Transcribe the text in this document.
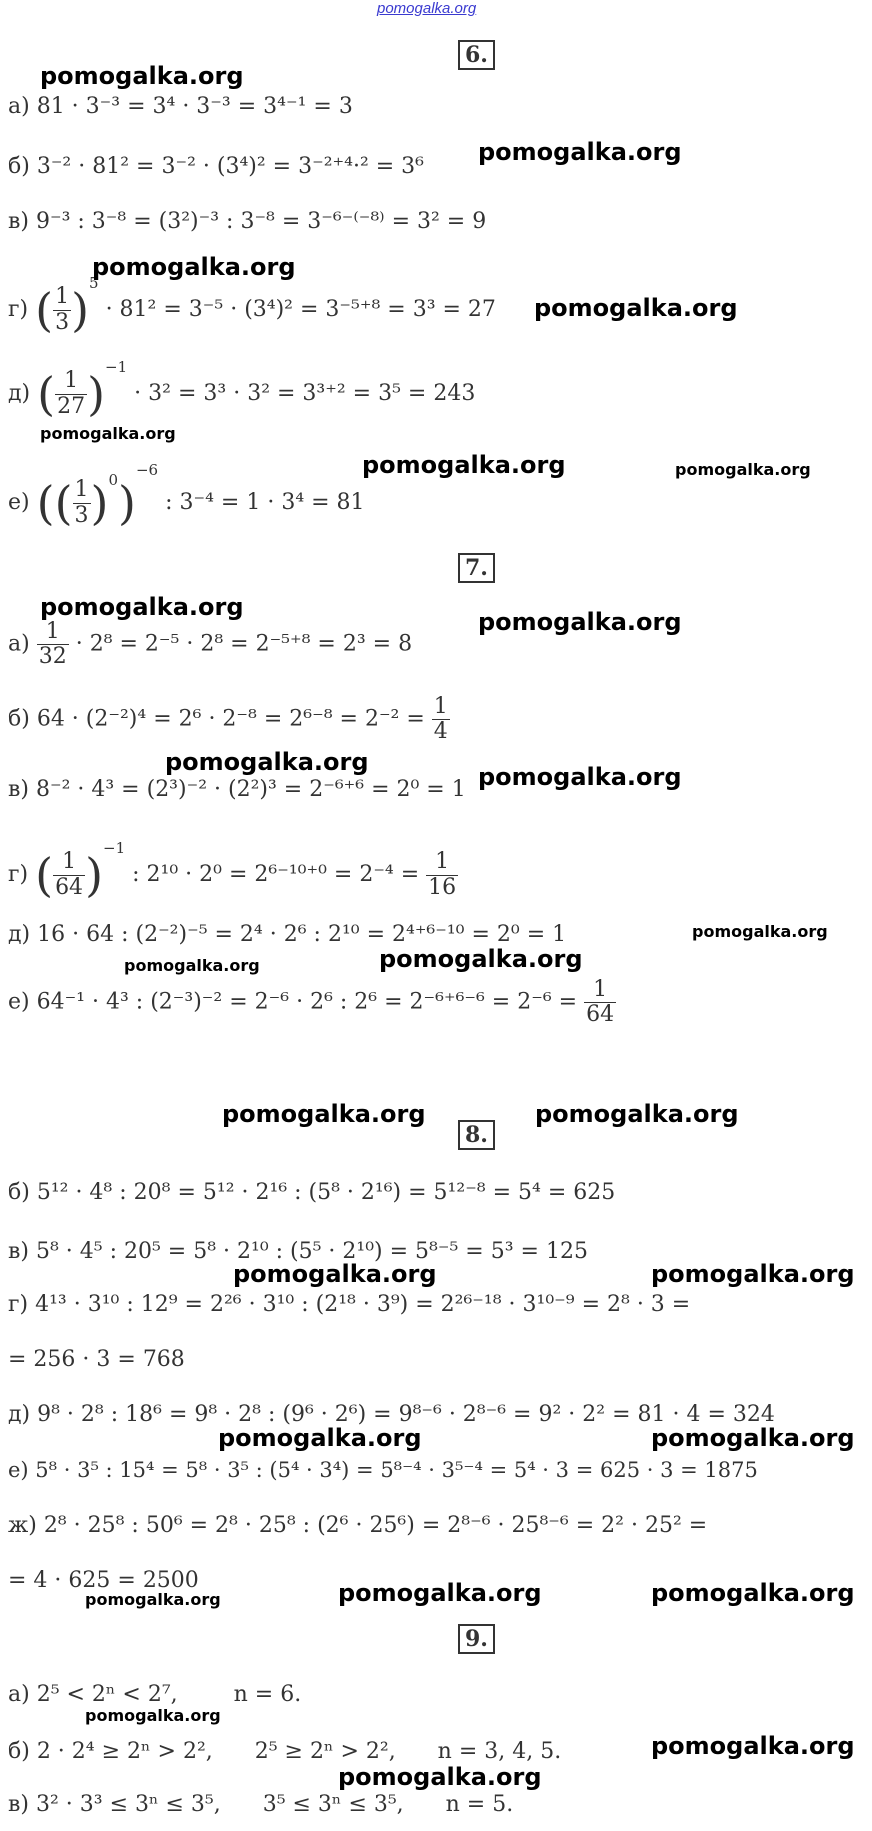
pomogalka.org
6.
а) 81 · 3⁻³ = 3⁴ · 3⁻³ = 3⁴⁻¹ = 3
б) 3⁻² · 81² = 3⁻² · (3⁴)² = 3⁻²⁺⁴·² = 3⁶
в) 9⁻³ : 3⁻⁸ = (3²)⁻³ : 3⁻⁸ = 3⁻⁶⁻⁽⁻⁸⁾ = 3² = 9
г) ( $\frac{1}{3} )^5 \cdot 81^2 = 3^{-5} \cdot (3^4)^2 = 3^{-5+8} = 3^3 = 27$
д) ( $\frac{1}{27} )^{-1} \cdot 3^2 = 3^3 \cdot 3^2 = 3^{3+2} = 3^5 = 243$
е) (( $\frac{1}{3} )^0)^{-6}$ : 3⁻⁴ = 1 · 3⁴ = 81
7.
$а) \frac{1}{32} \cdot 2^8 = 2^{-5} \cdot 2^8 = 2^{-5+8} = 2^3 = 8$
б) $64 \cdot (2^{-2})^4 = 2^6 \cdot 2^{-8} = 2^{6-8} = 2^{-2} = \frac{1}{4}$
в) 8⁻² · 4³ = (2³)⁻² · (2²)³ = 2⁻⁶⁺⁶ = 2⁰ = 1
г) ( $\frac{1}{64} )^{-1}$ : $2^{10} \cdot 2^0 = 2^{6-10+0} = 2^{-4} = \frac{1}{16}$
д) 16 · 64 : (2⁻²)⁻⁵ = 2⁴ · 2⁶ : 2¹⁰ = 2⁴⁺⁶⁻¹⁰ = 2⁰ = 1
е) 64⁻¹ · 4³ : (2⁻³)⁻² = 2⁻⁶ · 2⁶ : $2^6 = 2^{-6+6-6} = 2^{-6} = \frac{1}{64}$
8.
б) 5¹² · 4⁸ : 20⁸ = 5¹² · 2¹⁶ : (5⁸ · 2¹⁶) = 5¹²⁻⁸ = 5⁴ = 625
в) 5⁸ · 4⁵ : 20⁵ = 5⁸ · 2¹⁰ : (5⁵ · 2¹⁰) = 5⁸⁻⁵ = 5³ = 125
г) 4¹³ · 3¹⁰ : 12⁹ = 2²⁶ · 3¹⁰ : (2¹⁸ · 3⁹) = 2²⁶⁻¹⁸ · 3¹⁰⁻⁹ = 2⁸ · 3 =
= 256 · 3 = 768
д) 9⁸ · 2⁸ : 18⁶ = 9⁸ · 2⁸ : (9⁶ · 2⁶) = 9⁸⁻⁶ · 2⁸⁻⁶ = 9² · 2² = 81 · 4 = 324
е) 5⁸ · 3⁵ : 15⁴ = 5⁸ · 3⁵ : (5⁴ · 3⁴) = 5⁸⁻⁴ · 3⁵⁻⁴ = 5⁴ · 3 = 625 · 3 = 1875
ж) 2⁸ · 25⁸ : 50⁶ = 2⁸ · 25⁸ : (2⁶ · 25⁶) = 2⁸⁻⁶ · 25⁸⁻⁶ = 2² · 25² =
= 4 · 625 = 2500
9.
а) 2⁵ < 2ⁿ < 2⁷,        n = 6.
б) 2 · 2⁴ ≥ 2ⁿ > 2²,      2⁵ ≥ 2ⁿ > 2²,      n = 3, 4, 5.
в) 3² · 3³ ≤ 3ⁿ ≤ 3⁵,      3⁵ ≤ 3ⁿ ≤ 3⁵,      n = 5.
pomogalka.org
pomogalka.org
pomogalka.org
pomogalka.org
pomogalka.org
pomogalka.org	pomogalka.org
pomogalka.org
pomogalka.org
pomogalka.org
pomogalka.org
pomogalka.org
pomogalka.org	pomogalka.org
pomogalka.org	pomogalka.org
pomogalka.org	pomogalka.org
pomogalka.org	pomogalka.org
pomogalka.org	pomogalka.org	pomogalka.org
pomogalka.org
pomogalka.org
pomogalka.org
